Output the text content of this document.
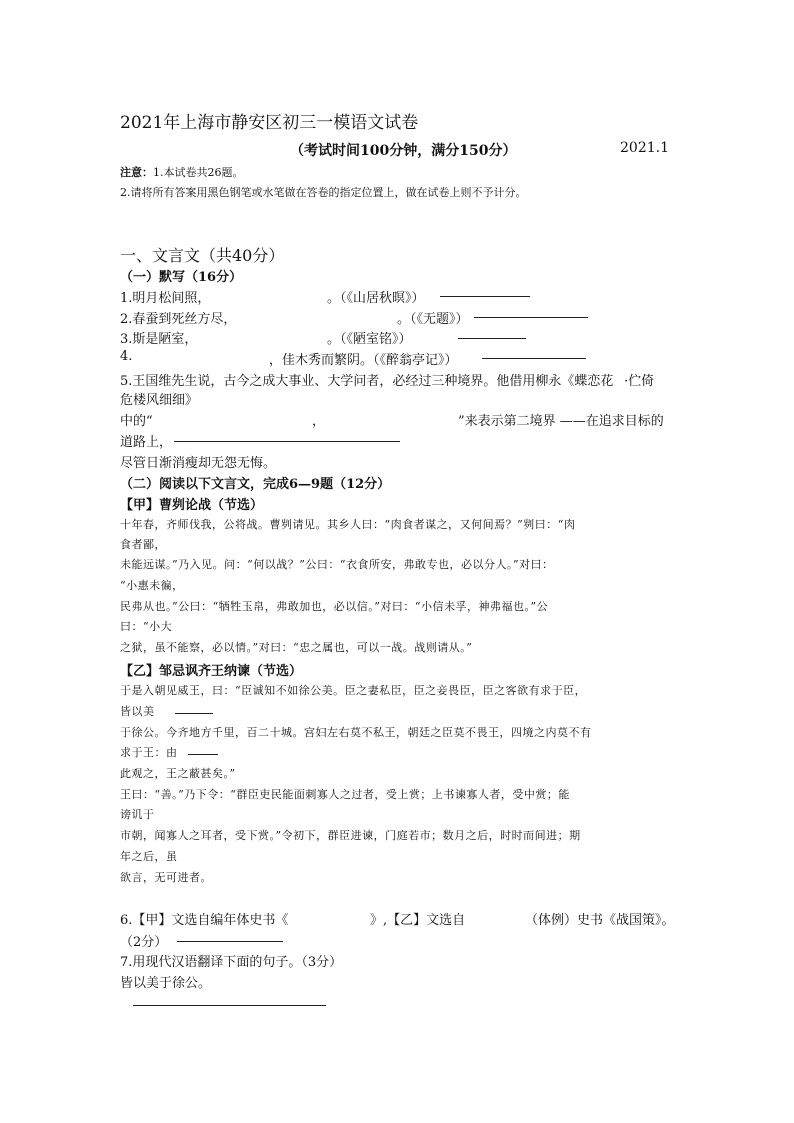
2021年上海市静安区初三一模语文试卷
（考试时间100分钟，满分150分）	2021.1
注意：1.本试卷共26题。
2.请将所有答案用黑色钢笔或水笔做在答卷的指定位置上，做在试卷上则不予计分。
一、文言文（共40分）
（一）默写（16分）
1.明月松间照，	。（《山居秋暝》）
2.春蚕到死丝方尽，	。（《无题》）
3.斯是陋室，	。（《陋室铭》）
4.	，佳木秀而繁阴。（《醉翁亭记》）
5.王国维先生说，古今之成大事业、大学问者，必经过三种境界。他借用柳永《蝶恋花 ·伫倚
危楼风细细》
中的“	，	”来表示第二境界 ——在追求目标的
道路上，
尽管日渐消瘦却无怨无悔。
（二）阅读以下文言文，完成6—9题（12分）
【甲】曹刿论战（节选）
十年春，齐师伐我，公将战。曹刿请见。其乡人曰：“肉食者谋之，又何间焉？”刿曰：“肉
食者鄙，
未能远谋。”乃入见。问：“何以战？”公曰：“衣食所安，弗敢专也，必以分人。”对曰：
“小惠未徧，
民弗从也。”公曰：“牺牲玉帛，弗敢加也，必以信。”对曰：“小信未孚，神弗福也。”公
曰：“小大
之狱，虽不能察，必以情。”对曰：“忠之属也，可以一战。战则请从。”
【乙】邹忌讽齐王纳谏（节选）
于是入朝见威王，曰：“臣诚知不如徐公美。臣之妻私臣，臣之妾畏臣，臣之客欲有求于臣，
皆以美
于徐公。今齐地方千里，百二十城。宫妇左右莫不私王，朝廷之臣莫不畏王，四境之内莫不有
求于王：由
此观之，王之蔽甚矣。”
王曰：“善。”乃下令：“群臣吏民能面刺寡人之过者，受上赏；上书谏寡人者，受中赏；能
谤讥于
市朝，闻寡人之耳者，受下赏。”令初下，群臣进谏，门庭若市；数月之后，时时而间进；期
年之后，虽
欲言，无可进者。
6.【甲】文选自编年体史书《	》,【乙】文选自	（体例）史书《战国策》。
（2分）
7.用现代汉语翻译下面的句子。（3分）
皆以美于徐公。
